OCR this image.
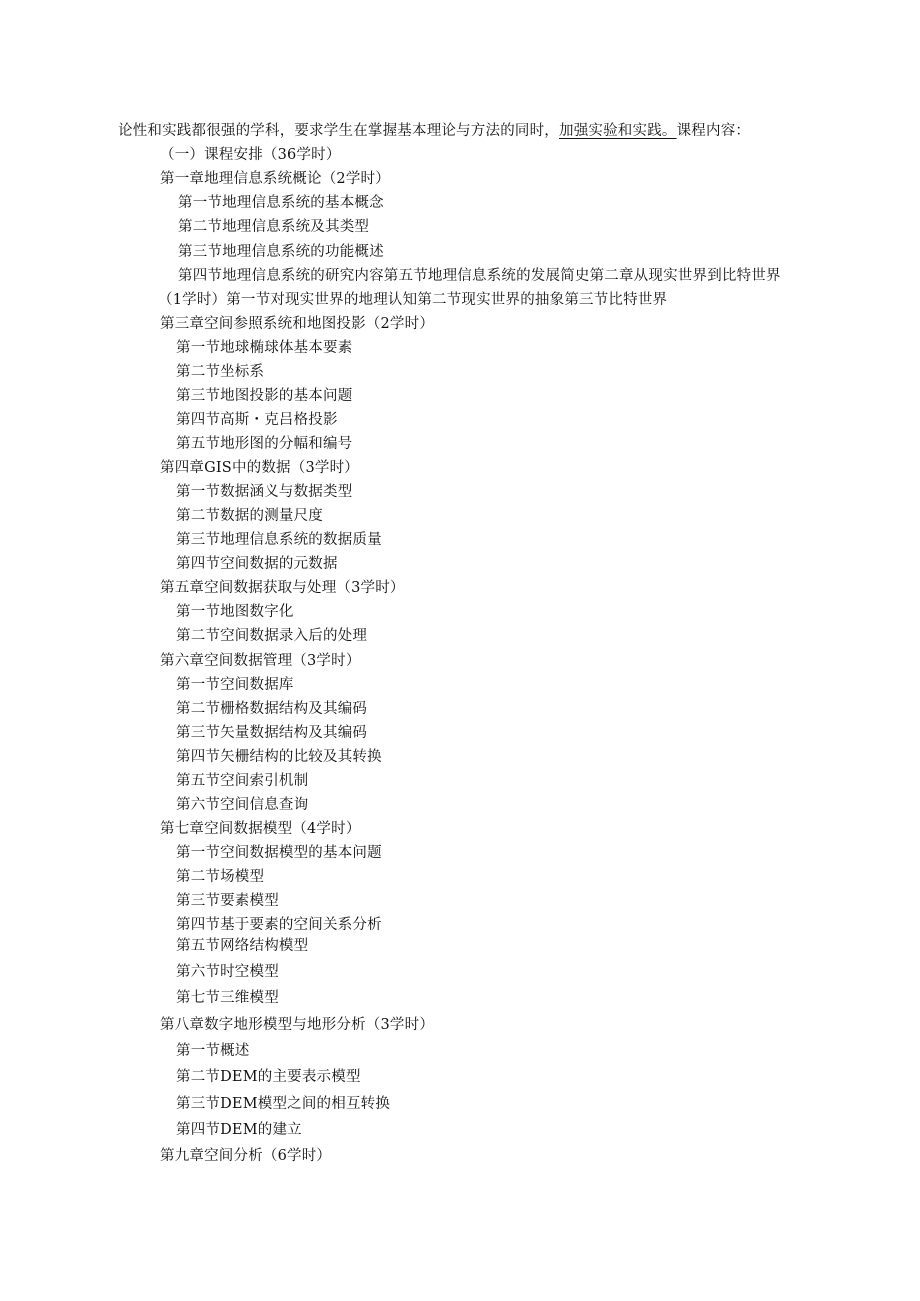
论性和实践都很强的学科，要求学生在掌握基本理论与方法的同时，加强实验和实践。课程内容：
（一）课程安排（36学时）
第一章地理信息系统概论（2学时）
第一节地理信息系统的基本概念
第二节地理信息系统及其类型
第三节地理信息系统的功能概述
第四节地理信息系统的研究内容第五节地理信息系统的发展简史第二章从现实世界到比特世界
（1学时）第一节对现实世界的地理认知第二节现实世界的抽象第三节比特世界
第三章空间参照系统和地图投影（2学时）
第一节地球椭球体基本要素
第二节坐标系
第三节地图投影的基本问题
第四节高斯・克吕格投影
第五节地形图的分幅和编号
第四章GIS中的数据（3学时）
第一节数据涵义与数据类型
第二节数据的测量尺度
第三节地理信息系统的数据质量
第四节空间数据的元数据
第五章空间数据获取与处理（3学时）
第一节地图数字化
第二节空间数据录入后的处理
第六章空间数据管理（3学时）
第一节空间数据库
第二节栅格数据结构及其编码
第三节矢量数据结构及其编码
第四节矢栅结构的比较及其转换
第五节空间索引机制
第六节空间信息查询
第七章空间数据模型（4学时）
第一节空间数据模型的基本问题
第二节场模型
第三节要素模型
第四节基于要素的空间关系分析
第五节网络结构模型
第六节时空模型
第七节三维模型
第八章数字地形模型与地形分析（3学时）
第一节概述
第二节DEM的主要表示模型
第三节DEM模型之间的相互转换
第四节DEM的建立
第九章空间分析（6学时）
